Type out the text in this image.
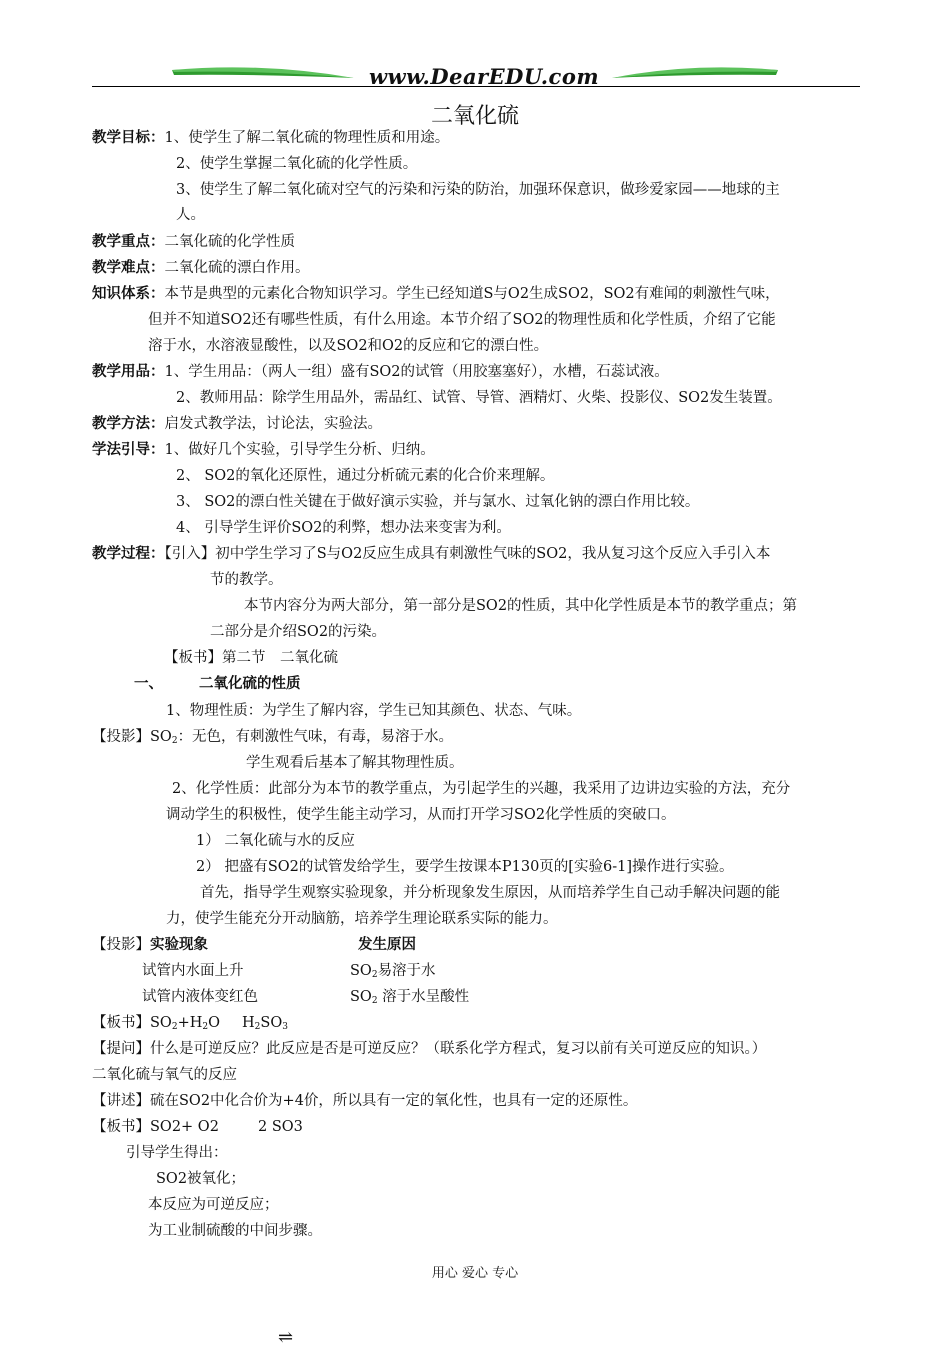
www.DearEDU.com
二氧化硫
教学目标：1、使学生了解二氧化硫的物理性质和用途。
2、使学生掌握二氧化硫的化学性质。
3、使学生了解二氧化硫对空气的污染和污染的防治，加强环保意识，做珍爱家园——地球的主
人。
教学重点：二氧化硫的化学性质
教学难点：二氧化硫的漂白作用。
知识体系：本节是典型的元素化合物知识学习。学生已经知道S与O2生成SO2，SO2有难闻的刺激性气味，
但并不知道SO2还有哪些性质，有什么用途。本节介绍了SO2的物理性质和化学性质，介绍了它能
溶于水，水溶液显酸性，以及SO2和O2的反应和它的漂白性。
教学用品：1、学生用品：（两人一组）盛有SO2的试管（用胶塞塞好），水槽，石蕊试液。
2、教师用品：除学生用品外，需品红、试管、导管、酒精灯、火柴、投影仪、SO2发生装置。
教学方法：启发式教学法，讨论法，实验法。
学法引导：1、做好几个实验，引导学生分析、归纳。
2、 SO2的氧化还原性，通过分析硫元素的化合价来理解。
3、 SO2的漂白性关键在于做好演示实验，并与氯水、过氧化钠的漂白作用比较。
4、 引导学生评价SO2的利弊，想办法来变害为利。
教学过程：【引入】初中学生学习了S与O2反应生成具有刺激性气味的SO2，我从复习这个反应入手引入本
节的教学。
本节内容分为两大部分，第一部分是SO2的性质，其中化学性质是本节的教学重点；第
二部分是介绍SO2的污染。
【板书】第二节　二氧化硫
一、 二氧化硫的性质
1、物理性质：为学生了解内容，学生已知其颜色、状态、气味。
【投影】$SO_2$：无色，有刺激性气味，有毒，易溶于水。
学生观看后基本了解其物理性质。
2、化学性质：此部分为本节的教学重点，为引起学生的兴趣，我采用了边讲边实验的方法，充分
调动学生的积极性，使学生能主动学习，从而打开学习SO2化学性质的突破口。
1） 二氧化硫与水的反应
2） 把盛有SO2的试管发给学生，要学生按课本P130页的[实验6-1]操作进行实验。
首先，指导学生观察实验现象，并分析现象发生原因，从而培养学生自己动手解决问题的能
力，使学生能充分开动脑筋，培养学生理论联系实际的能力。
【投影】实验现象	发生原因
试管内水面上升	$SO_2$易溶于水
试管内液体变红色	$SO_2$ 溶于水呈酸性
【板书】$SO_2+H_2O$ $H_2SO_3$
【提问】什么是可逆反应？此反应是否是可逆反应？（联系化学方程式，复习以前有关可逆反应的知识。）
二氧化硫与氧气的反应
【讲述】硫在SO2中化合价为+4价，所以具有一定的氧化性，也具有一定的还原性。
【板书】SO2+ O2	2 SO3
引导学生得出：
SO2被氧化；
本反应为可逆反应；
为工业制硫酸的中间步骤。
用心 爱心 专心
⇌
